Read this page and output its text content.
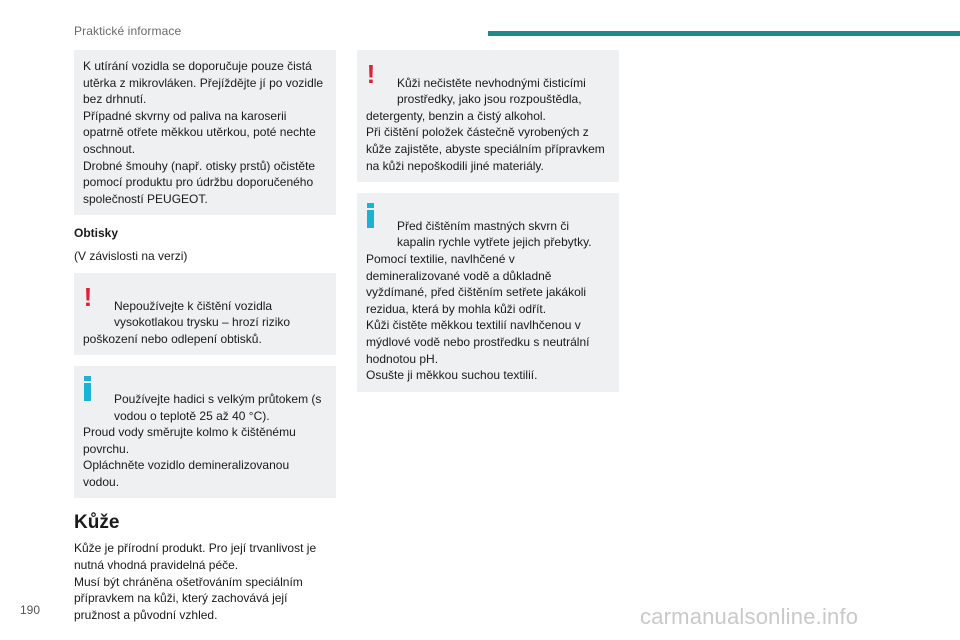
Praktické informace

K utírání vozidla se doporučuje pouze čistá utěrka z mikrovláken. Přejíždějte jí po vozidle bez drhnutí.
Případné skvrny od paliva na karoserii opatrně otřete měkkou utěrkou, poté nechte oschnout.
Drobné šmouhy (např. otisky prstů) očistěte pomocí produktu pro údržbu doporučeného společností PEUGEOT.

Obtisky
(V závislosti na verzi)
!	Nepoužívejte k čištění vozidla vysokotlakou trysku – hrozí riziko
poškození nebo odlepení obtisků.

Používejte hadici s velkým průtokem (s vodou o teplotě 25 až 40 °C).
Proud vody směrujte kolmo k čištěnému povrchu.
Opláchněte vozidlo demineralizovanou vodou.

Kůže
Kůže je přírodní produkt. Pro její trvanlivost je nutná vhodná pravidelná péče.
Musí být chráněna ošetřováním speciálním přípravkem na kůži, který zachovává její pružnost a původní vzhled.
!	Kůži nečistěte nevhodnými čisticími prostředky, jako jsou rozpouštědla,
detergenty, benzin a čistý alkohol.
Při čištění položek částečně vyrobených z kůže zajistěte, abyste speciálním přípravkem na kůži nepoškodili jiné materiály.

Před čištěním mastných skvrn či kapalin rychle vytřete jejich přebytky.
Pomocí textilie, navlhčené v demineralizované vodě a důkladně vyždímané, před čištěním setřete jakákoli rezidua, která by mohla kůži odřít.
Kůži čistěte měkkou textilií navlhčenou v mýdlové vodě nebo prostředku s neutrální hodnotou pH.
Osušte ji měkkou suchou textilií.

190	carmanualsonline.info
